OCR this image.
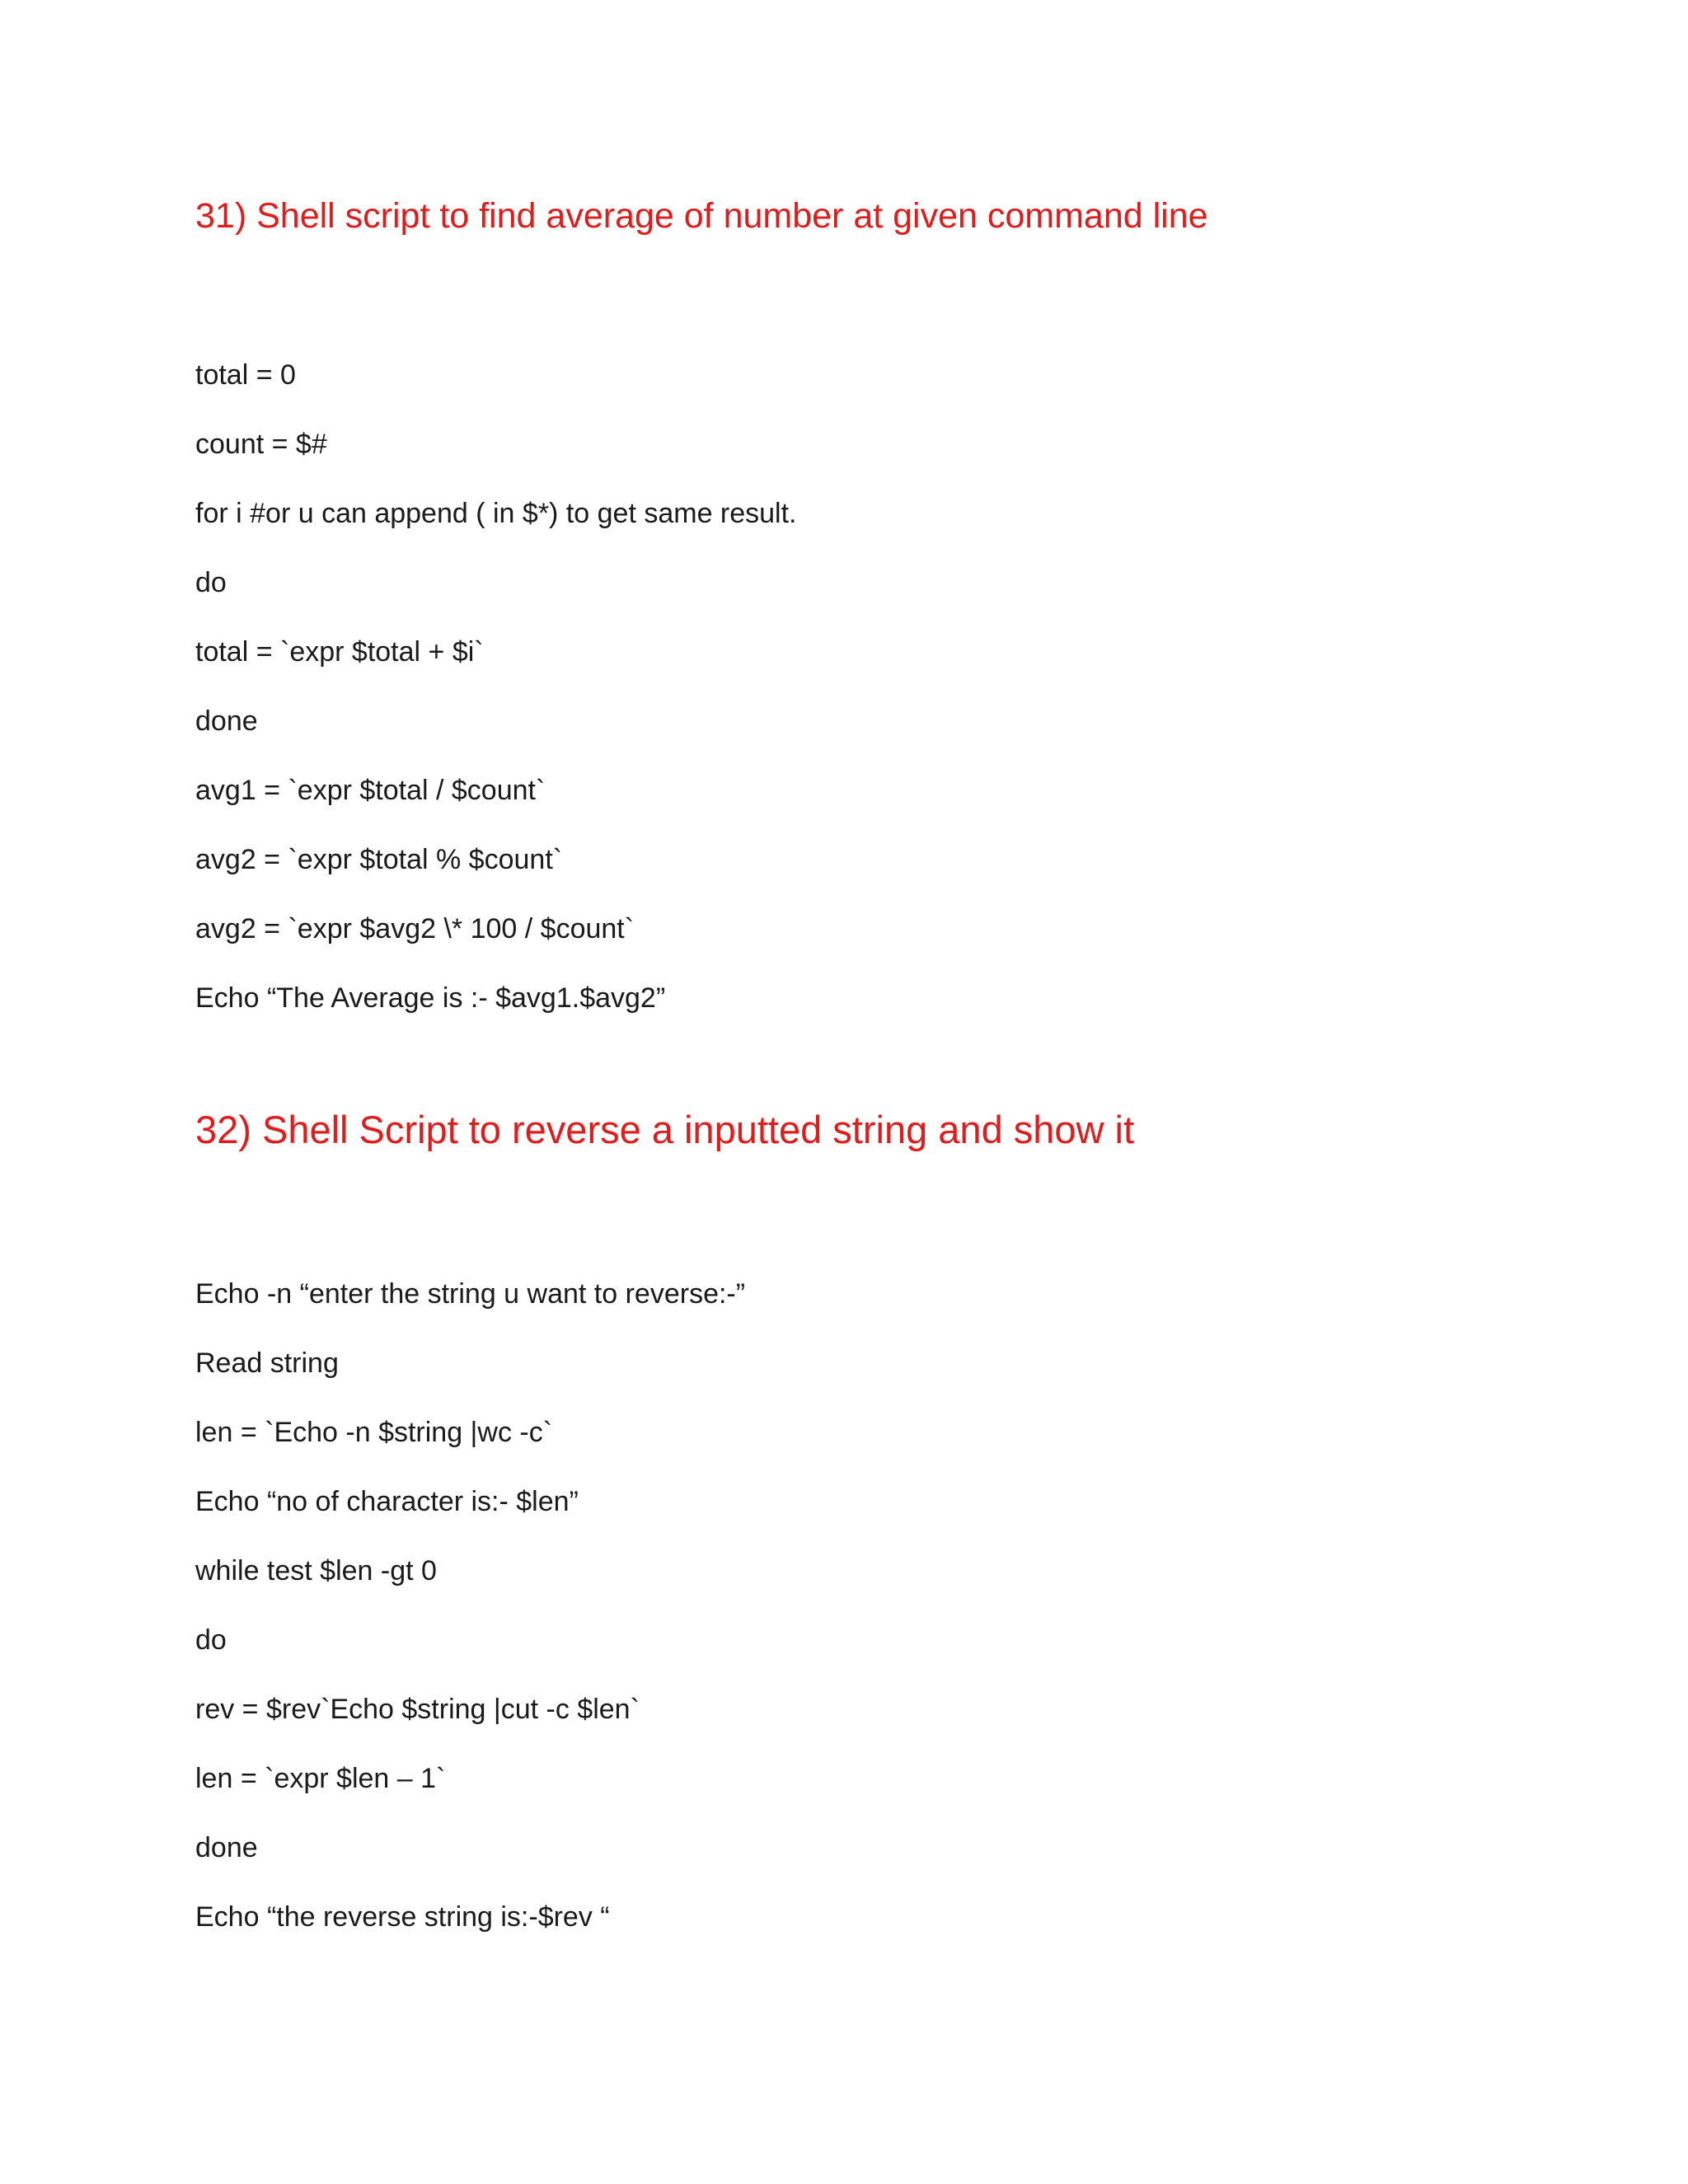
31) Shell script to find average of number at given command line
total = 0
count = $#
for i #or u can append ( in $*) to get same result.
do
total = `expr $total + $i`
done
avg1 = `expr $total / $count`
avg2 = `expr $total % $count`
avg2 = `expr $avg2 \* 100 / $count`
Echo “The Average is :- $avg1.$avg2”
32) Shell Script to reverse a inputted string and show it
Echo -n “enter the string u want to reverse:-”
Read string
len = `Echo -n $string |wc -c`
Echo “no of character is:- $len”
while test $len -gt 0
do
rev = $rev`Echo $string |cut -c $len`
len = `expr $len – 1`
done
Echo “the reverse string is:-$rev “
